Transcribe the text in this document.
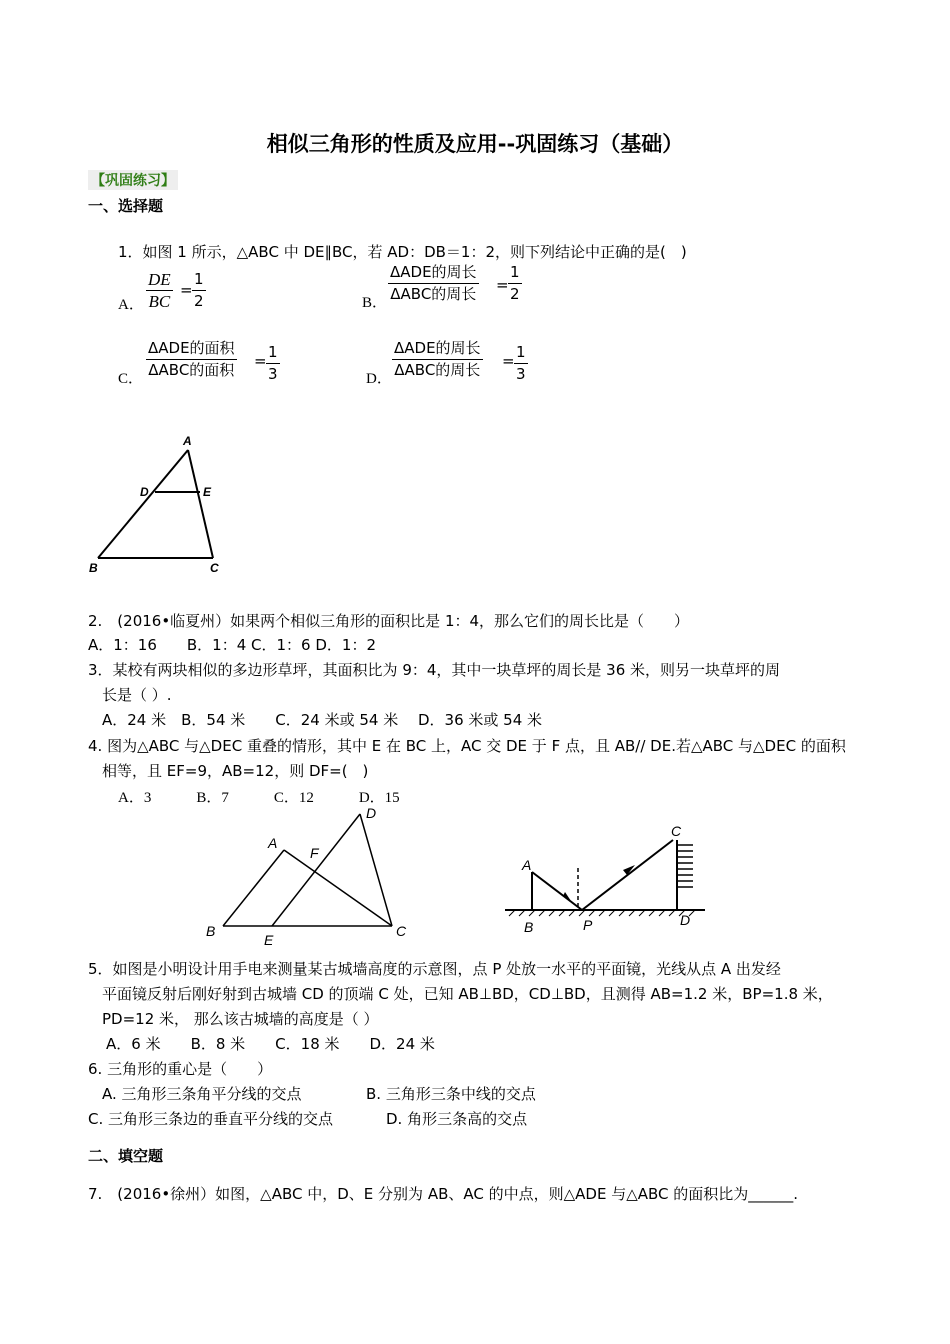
相似三角形的性质及应用--巩固练习（基础）
【巩固练习】
一、选择题
1．如图 1 所示，△ABC 中 DE∥BC，若 AD：DB＝1：2，则下列结论中正确的是(　)
A． $\frac{DE}{BC} = \frac{1}{2}$	B．
ΔADE的周长
ΔABC的周长 = $\frac{1}{2}$
C．
ΔADE的面积
ΔABC的面积 = $\frac{1}{3}$	D．
ΔADE的周长
ΔABC的周长 = $\frac{1}{3}$
A
D	E
B	C
2.　(2016•临夏州）如果两个相似三角形的面积比是 1：4，那么它们的周长比是（　　）
A．1：16　　B．1：4 C．1：6 D．1：2
3．某校有两块相似的多边形草坪，其面积比为 9：4，其中一块草坪的周长是 36 米，则另一块草坪的周
长是（ ）.
A．24 米　B．54 米　　C．24 米或 54 米　 D．36 米或 54 米
4. 图为△ABC 与△DEC 重叠的情形，其中 E 在 BC 上，AC 交 DE 于 F 点，且 AB// DE.若△ABC 与△DEC 的面积
相等，且 EF=9，AB=12，则 DF=(　)
A．3　　　B．7　　　C．12　　　D．15
A
F
D
B
E
C
A
B	P
C
D
5．如图是小明设计用手电来测量某古城墙高度的示意图，点 P 处放一水平的平面镜，光线从点 A 出发经
平面镜反射后刚好射到古城墙 CD 的顶端 C 处，已知 AB⊥BD，CD⊥BD，且测得 AB=1.2 米，BP=1.8 米，
PD=12 米， 那么该古城墙的高度是（ ）
A．6 米　　B．8 米　　C．18 米　　D．24 米
6. 三角形的重心是（　　）
A. 三角形三条角平分线的交点	B. 三角形三条中线的交点
C. 三角形三条边的垂直平分线的交点	D. 角形三条高的交点
二、填空题
7.　(2016•徐州）如图，△ABC 中，D、E 分别为 AB、AC 的中点，则△ADE 与△ABC 的面积比为______.
